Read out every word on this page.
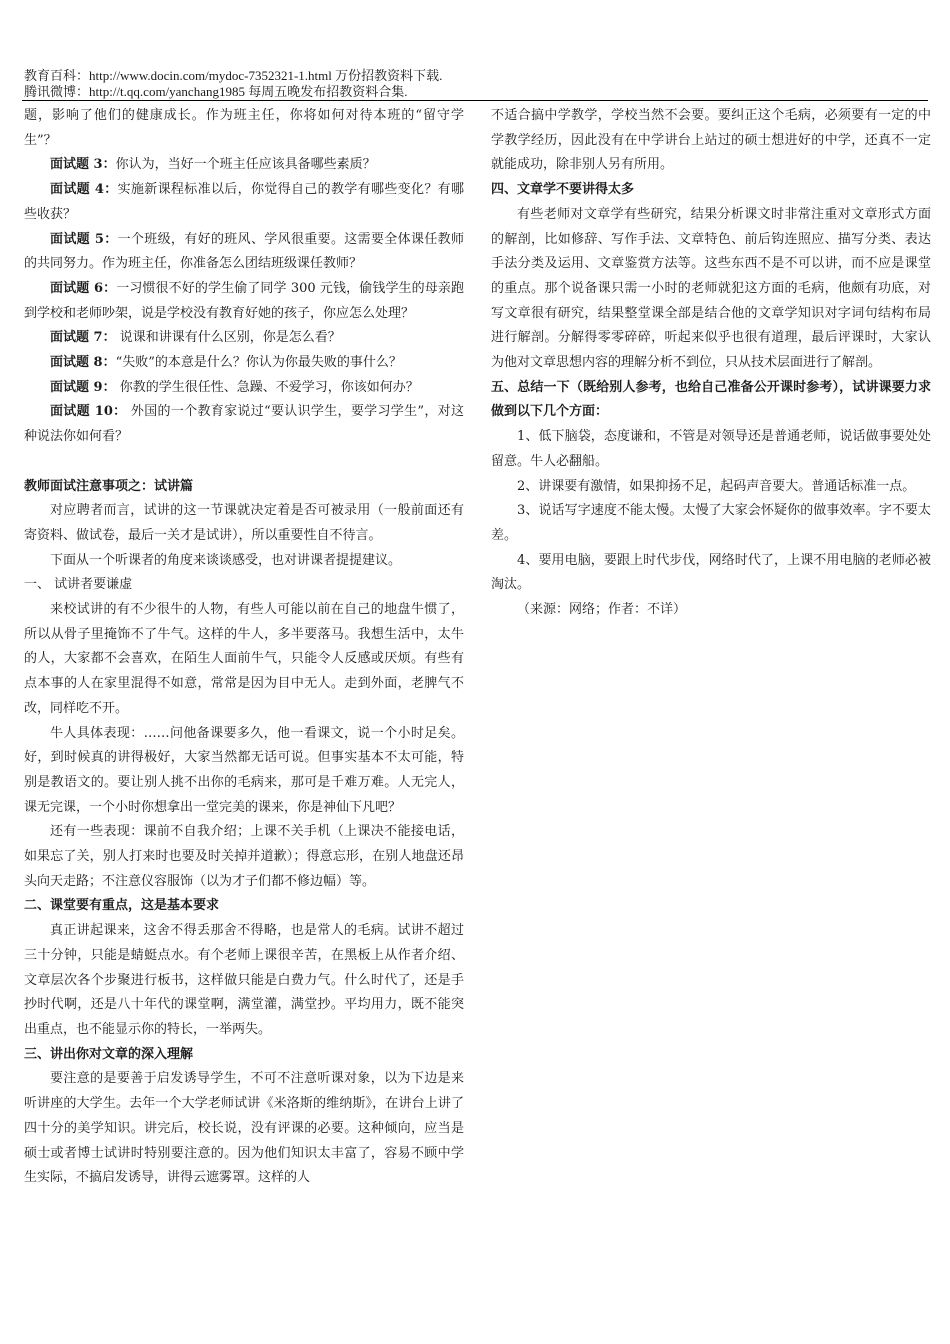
教育百科：http://www.docin.com/mydoc-7352321-1.html 万份招教资料下载.
腾讯微博：http://t.qq.com/yanchang1985 每周五晚发布招教资料合集.

题，影响了他们的健康成长。作为班主任，你将如何对待本班的“留守学生”？

面试题 3：你认为，当好一个班主任应该具备哪些素质？

面试题 4：实施新课程标准以后，你觉得自己的教学有哪些变化？有哪些收获？

面试题 5：一个班级，有好的班风、学风很重要。这需要全体课任教师的共同努力。作为班主任，你准备怎么团结班级课任教师？

面试题 6：一习惯很不好的学生偷了同学 300 元钱，偷钱学生的母亲跑到学校和老师吵架，说是学校没有教育好她的孩子，你应怎么处理？

面试题 7： 说课和讲课有什么区别，你是怎么看？

面试题 8：“失败”的本意是什么？你认为你最失败的事什么？

面试题 9： 你教的学生很任性、急躁、不爱学习，你该如何办？

面试题 10： 外国的一个教育家说过“要认识学生，要学习学生”，对这种说法你如何看？

教师面试注意事项之：试讲篇

对应聘者而言，试讲的这一节课就决定着是否可被录用（一般前面还有寄资料、做试卷，最后一关才是试讲），所以重要性自不待言。

下面从一个听课者的角度来谈谈感受，也对讲课者提提建议。

一、 试讲者要谦虚

来校试讲的有不少很牛的人物，有些人可能以前在自己的地盘牛惯了，所以从骨子里掩饰不了牛气。这样的牛人，多半要落马。我想生活中，太牛的人，大家都不会喜欢，在陌生人面前牛气，只能令人反感或厌烦。有些有点本事的人在家里混得不如意，常常是因为目中无人。走到外面，老脾气不改，同样吃不开。

牛人具体表现：……问他备课要多久，他一看课文，说一个小时足矣。好，到时候真的讲得极好，大家当然都无话可说。但事实基本不太可能，特别是教语文的。要让别人挑不出你的毛病来，那可是千难万难。人无完人，课无完课，一个小时你想拿出一堂完美的课来，你是神仙下凡吧？

还有一些表现：课前不自我介绍；上课不关手机（上课决不能接电话，如果忘了关，别人打来时也要及时关掉并道歉）；得意忘形，在别人地盘还昂头向天走路；不注意仪容服饰（以为才子们都不修边幅）等。

二、课堂要有重点，这是基本要求

真正讲起课来，这舍不得丢那舍不得略，也是常人的毛病。试讲不超过三十分钟，只能是蜻蜓点水。有个老师上课很辛苦，在黑板上从作者介绍、文章层次各个步聚进行板书，这样做只能是白费力气。什么时代了，还是手抄时代啊，还是八十年代的课堂啊，满堂灌，满堂抄。平均用力，既不能突出重点，也不能显示你的特长，一举两失。

三、讲出你对文章的深入理解

要注意的是要善于启发诱导学生，不可不注意听课对象，以为下边是来听讲座的大学生。去年一个大学老师试讲《米洛斯的维纳斯》，在讲台上讲了四十分的美学知识。讲完后，校长说，没有评课的必要。这种倾向，应当是硕士或者博士试讲时特别要注意的。因为他们知识太丰富了，容易不顾中学生实际，不搞启发诱导，讲得云遮雾罩。这样的人

不适合搞中学教学，学校当然不会要。要纠正这个毛病，必须要有一定的中学教学经历，因此没有在中学讲台上站过的硕士想进好的中学，还真不一定就能成功，除非别人另有所用。

四、文章学不要讲得太多

有些老师对文章学有些研究，结果分析课文时非常注重对文章形式方面的解剖，比如修辞、写作手法、文章特色、前后钩连照应、描写分类、表达手法分类及运用、文章鉴赏方法等。这些东西不是不可以讲，而不应是课堂的重点。那个说备课只需一小时的老师就犯这方面的毛病，他颇有功底，对写文章很有研究，结果整堂课全部是结合他的文章学知识对字词句结构布局进行解剖。分解得零零碎碎，听起来似乎也很有道理，最后评课时，大家认为他对文章思想内容的理解分析不到位，只从技术层面进行了解剖。

五、总结一下（既给别人参考，也给自己准备公开课时参考），试讲课要力求做到以下几个方面：

1、低下脑袋，态度谦和，不管是对领导还是普通老师，说话做事要处处留意。牛人必翻船。

2、讲课要有激情，如果抑扬不足，起码声音要大。普通话标准一点。

3、说话写字速度不能太慢。太慢了大家会怀疑你的做事效率。字不要太差。

4、要用电脑，要跟上时代步伐，网络时代了，上课不用电脑的老师必被淘汰。

（来源：网络；作者：不详）
